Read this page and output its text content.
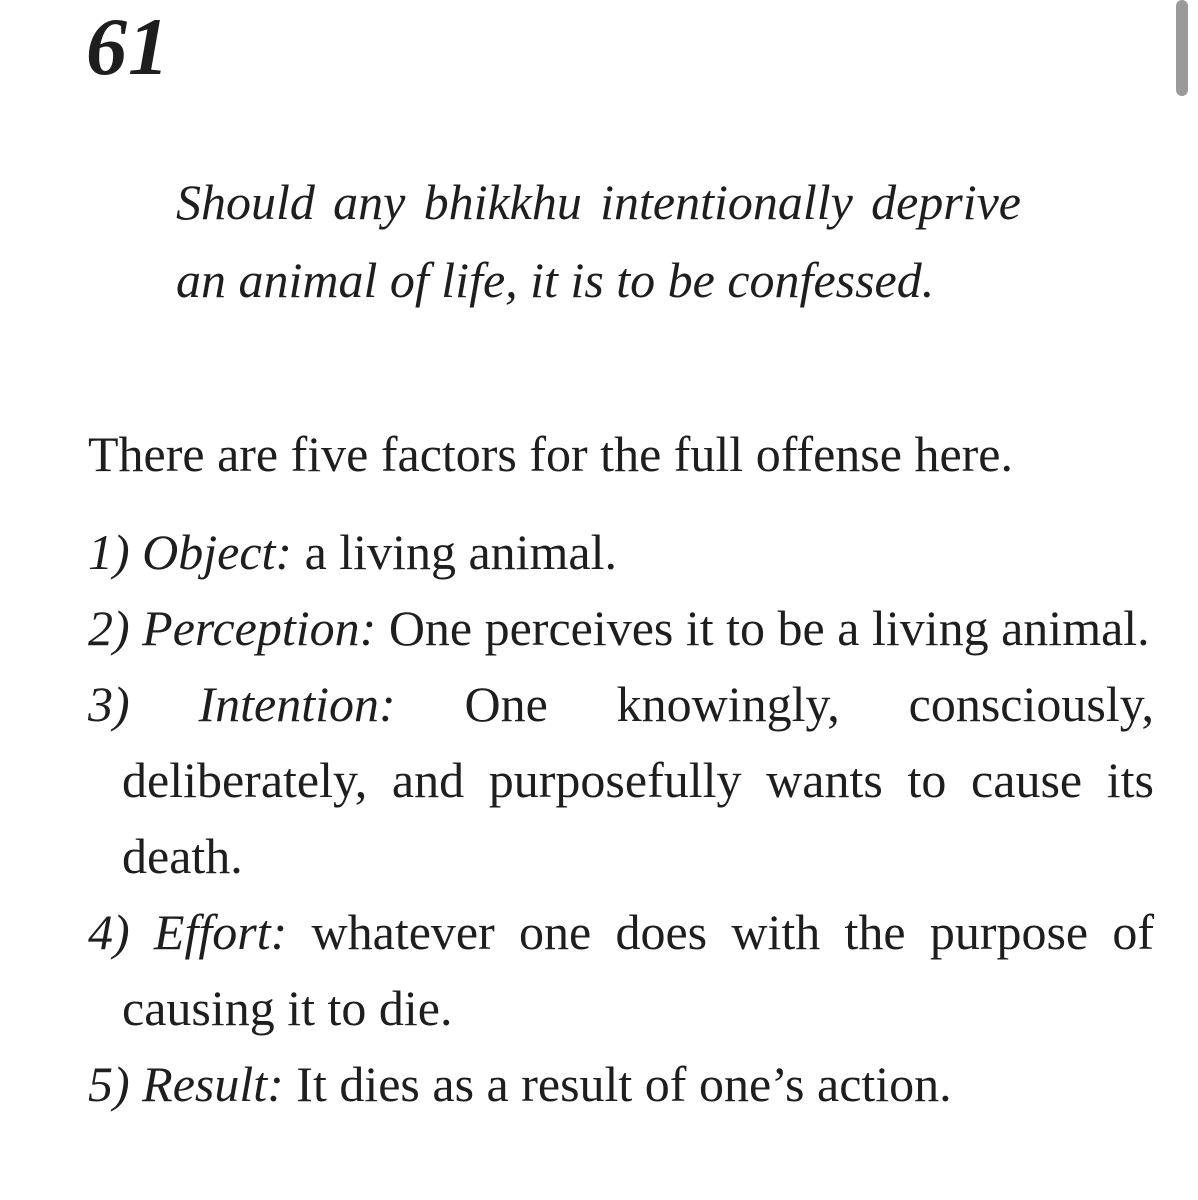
61

Should any bhikkhu intentionally deprive an animal of life, it is to be confessed.

There are five factors for the full offense here.

1) Object: a living animal.
2) Perception: One perceives it to be a living animal.
3) Intention: One knowingly, consciously, deliberately, and purposefully wants to cause its death.
4) Effort: whatever one does with the purpose of causing it to die.
5) Result: It dies as a result of one’s action.
